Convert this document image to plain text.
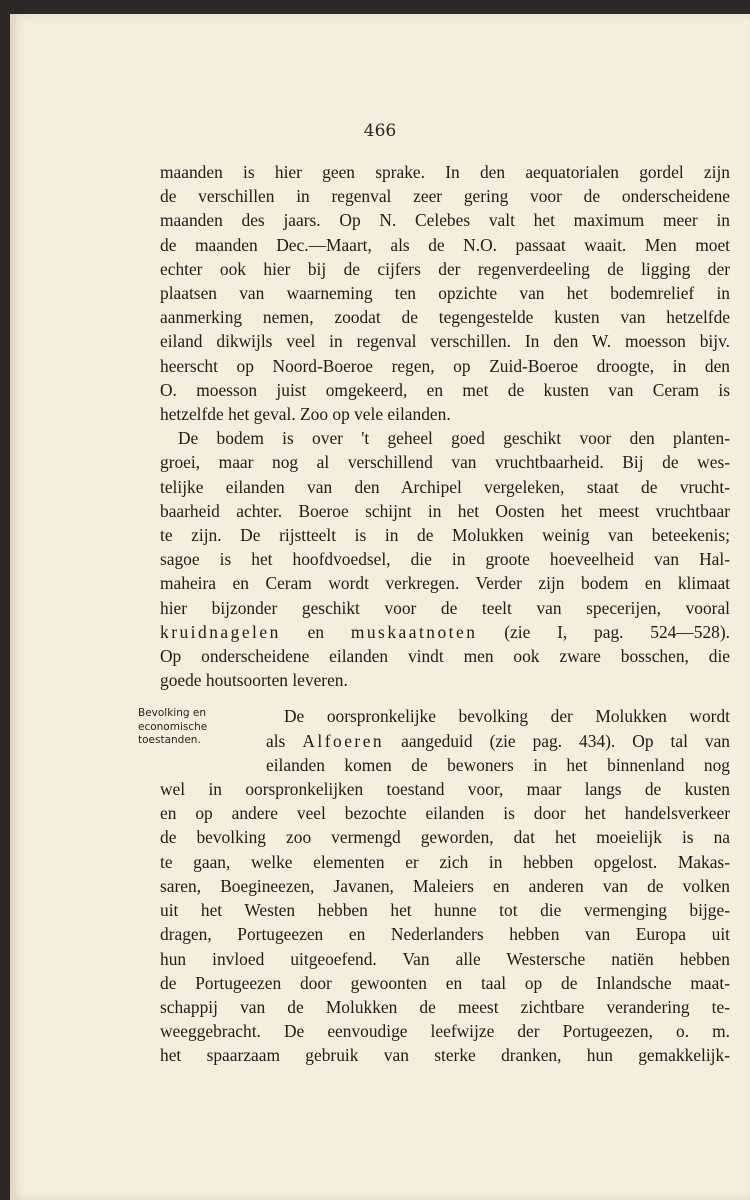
466
maanden is hier geen sprake. In den aequatorialen gordel zijn
de verschillen in regenval zeer gering voor de onderscheidene
maanden des jaars. Op N. Celebes valt het maximum meer in
de maanden Dec.—Maart, als de N.O. passaat waait. Men moet
echter ook hier bij de cijfers der regenverdeeling de ligging der
plaatsen van waarneming ten opzichte van het bodemrelief in
aanmerking nemen, zoodat de tegengestelde kusten van hetzelfde
eiland dikwijls veel in regenval verschillen. In den W. moesson bijv.
heerscht op Noord-Boeroe regen, op Zuid-Boeroe droogte, in den
O. moesson juist omgekeerd, en met de kusten van Ceram is
hetzelfde het geval. Zoo op vele eilanden.
De bodem is over 't geheel goed geschikt voor den planten-
groei, maar nog al verschillend van vruchtbaarheid. Bij de wes-
telijke eilanden van den Archipel vergeleken, staat de vrucht-
baarheid achter. Boeroe schijnt in het Oosten het meest vruchtbaar
te zijn. De rijstteelt is in de Molukken weinig van beteekenis;
sagoe is het hoofdvoedsel, die in groote hoeveelheid van Hal-
maheira en Ceram wordt verkregen. Verder zijn bodem en klimaat
hier bijzonder geschikt voor de teelt van specerijen, vooral
kruidnagelen en muskaatnoten (zie I, pag. 524—528).
Op onderscheidene eilanden vindt men ook zware bosschen, die
goede houtsoorten leveren.
Bevolking en
economische
toestanden.
De oorspronkelijke bevolking der Molukken wordt
als Alfoeren aangeduid (zie pag. 434). Op tal van
eilanden komen de bewoners in het binnenland nog
wel in oorspronkelijken toestand voor, maar langs de kusten
en op andere veel bezochte eilanden is door het handelsverkeer
de bevolking zoo vermengd geworden, dat het moeielijk is na
te gaan, welke elementen er zich in hebben opgelost. Makas-
saren, Boegineezen, Javanen, Maleiers en anderen van de volken
uit het Westen hebben het hunne tot die vermenging bijge-
dragen, Portugeezen en Nederlanders hebben van Europa uit
hun invloed uitgeoefend. Van alle Westersche natiën hebben
de Portugeezen door gewoonten en taal op de Inlandsche maat-
schappij van de Molukken de meest zichtbare verandering te-
weeggebracht. De eenvoudige leefwijze der Portugeezen, o. m.
het spaarzaam gebruik van sterke dranken, hun gemakkelijk-
